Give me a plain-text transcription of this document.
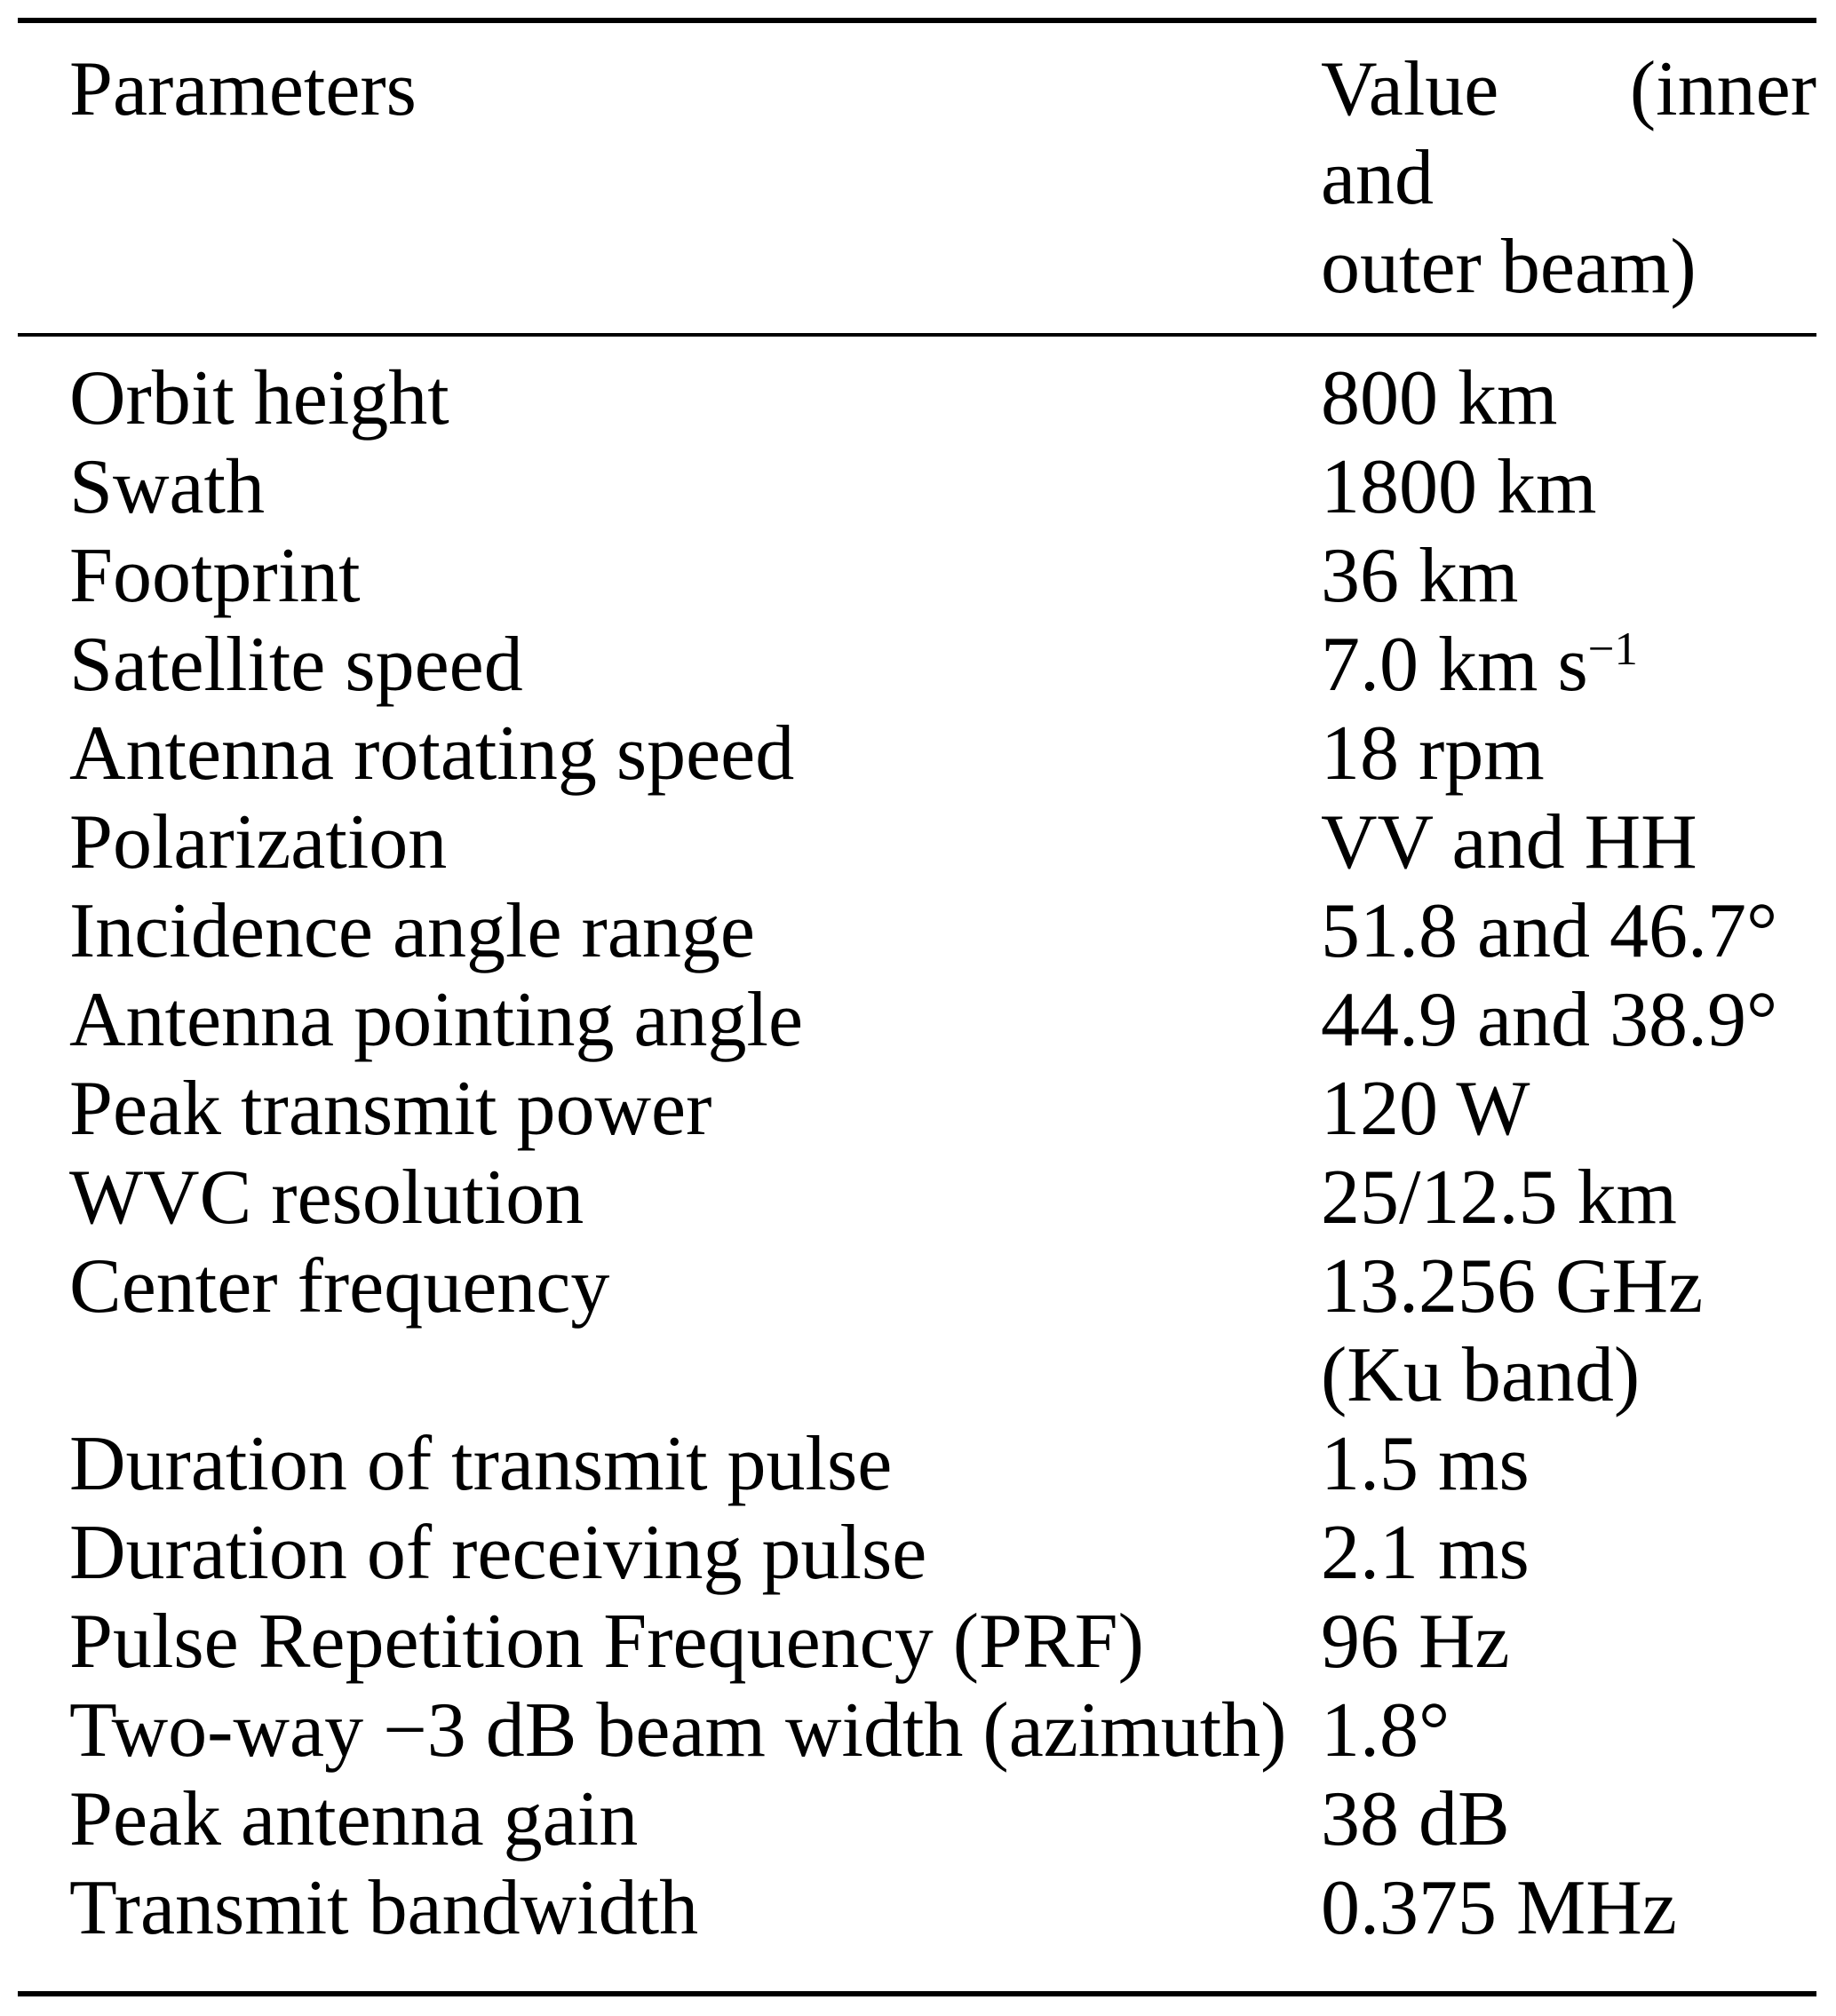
Parameters	Value (inner
and
outer beam)
Orbit height	800 km
Swath	1800 km
Footprint	36 km
Satellite speed	7.0 km $s^{-1}$
Antenna rotating speed	18 rpm
Polarization	VV and HH
Incidence angle range	51.8 and 46.7°
Antenna pointing angle	44.9 and 38.9°
Peak transmit power	120 W
WVC resolution	25/12.5 km
Center frequency	13.256 GHz
(Ku band)
Duration of transmit pulse	1.5 ms
Duration of receiving pulse	2.1 ms
Pulse Repetition Frequency (PRF)	96 Hz
Two-way −3 dB beam width (azimuth) 1.8°
Peak antenna gain	38 dB
Transmit bandwidth	0.375 MHz
